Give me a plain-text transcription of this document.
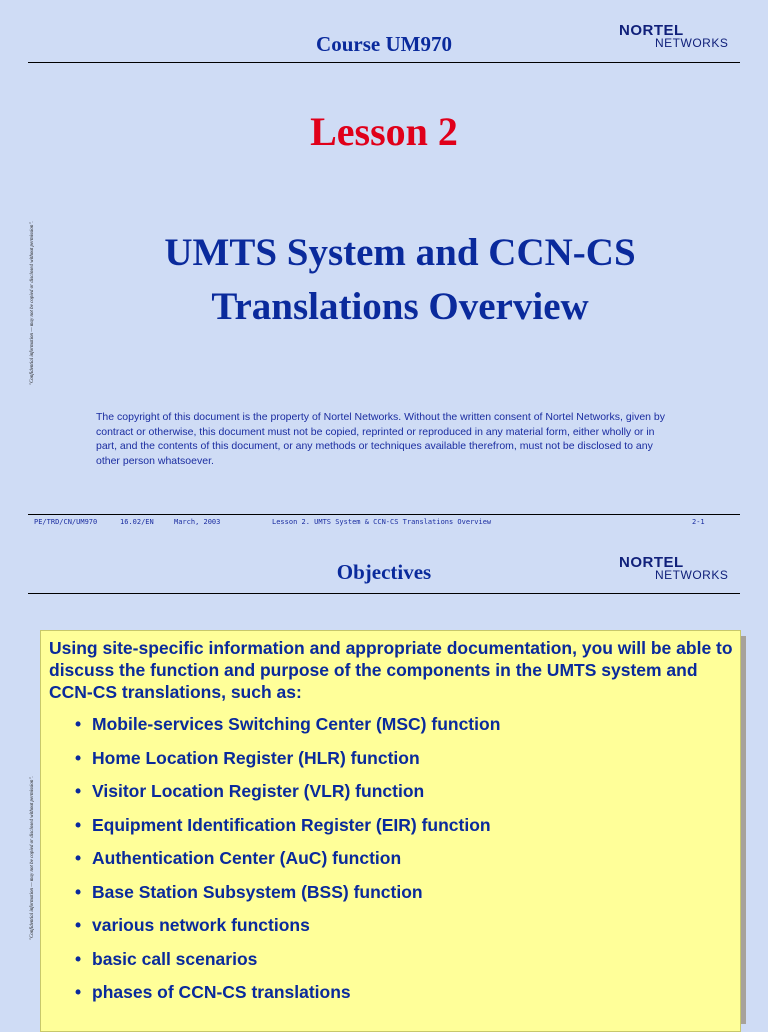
Course UM970
NORTEL
NETWORKS
"Confidential information — may not be copied or disclosed without permission".
Lesson 2
UMTS System and CCN-CS
Translations Overview
The copyright of this document is the property of Nortel Networks. Without the written consent of Nortel Networks, given by contract or otherwise, this document must not be copied, reprinted or reproduced in any material form, either wholly or in part, and the contents of this document, or any methods or techniques available therefrom, must not be disclosed to any other person whatsoever.
PE/TRD/CN/UM970	16.02/EN	March, 2003	Lesson 2. UMTS System & CCN-CS Translations Overview	2-1
Objectives	NORTEL
NETWORKS
"Confidential information — may not be copied or disclosed without permission".
Using site-specific information and appropriate documentation, you will be able to discuss the function and purpose of the components in the UMTS system and CCN-CS translations, such as:
• Mobile-services Switching Center (MSC) function
• Home Location Register (HLR) function
• Visitor Location Register (VLR) function
• Equipment Identification Register (EIR) function
• Authentication Center (AuC) function
• Base Station Subsystem (BSS) function
• various network functions
• basic call scenarios
• phases of CCN-CS translations
